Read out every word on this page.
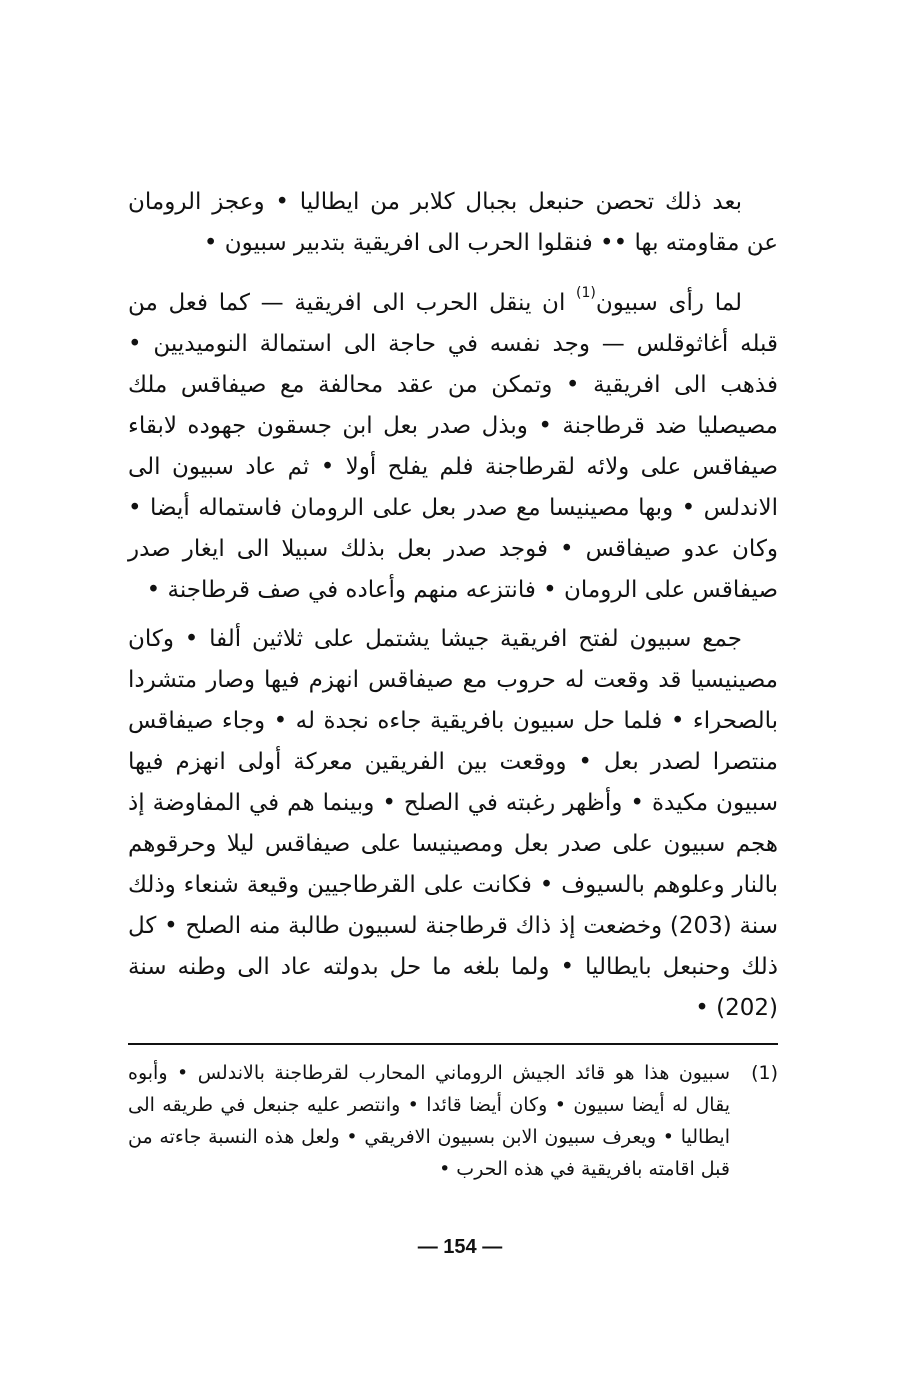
بعد ذلك تحصن حنبعل بجبال كلابر من ايطاليا • وعجز الرومان عن مقاومته بها •• فنقلوا الحرب الى افريقية بتدبير سبيون •

لما رأى سبيون$^{(1)}$ ان ينقل الحرب الى افريقية — كما فعل من قبله أغاثوقلس — وجد نفسه في حاجة الى استمالة النوميديين • فذهب الى افريقية • وتمكن من عقد محالفة مع صيفاقس ملك مصيصليا ضد قرطاجنة • وبذل صدر بعل ابن جسقون جهوده لابقاء صيفاقس على ولائه لقرطاجنة فلم يفلح أولا • ثم عاد سبيون الى الاندلس • وبها مصينيسا مع صدر بعل على الرومان فاستماله أيضا • وكان عدو صيفاقس • فوجد صدر بعل بذلك سبيلا الى ايغار صدر صيفاقس على الرومان • فانتزعه منهم وأعاده في صف قرطاجنة •

جمع سبيون لفتح افريقية جيشا يشتمل على ثلاثين ألفا • وكان مصينيسيا قد وقعت له حروب مع صيفاقس انهزم فيها وصار متشردا بالصحراء • فلما حل سبيون بافريقية جاءه نجدة له • وجاء صيفاقس منتصرا لصدر بعل • ووقعت بين الفريقين معركة أولى انهزم فيها سبيون مكيدة • وأظهر رغبته في الصلح • وبينما هم في المفاوضة إذ هجم سبيون على صدر بعل ومصينيسا على صيفاقس ليلا وحرقوهم بالنار وعلوهم بالسيوف • فكانت على القرطاجيين وقيعة شنعاء وذلك سنة (203) وخضعت إذ ذاك قرطاجنة لسبيون طالبة منه الصلح • كل ذلك وحنبعل بايطاليا • ولما بلغه ما حل بدولته عاد الى وطنه سنة (202) •

(1)

سبيون هذا هو قائد الجيش الروماني المحارب لقرطاجنة بالاندلس • وأبوه يقال له أيضا سبيون • وكان أيضا قائدا • وانتصر عليه جنبعل في طريقه الى ايطاليا • ويعرف سبيون الابن بسبيون الافريقي • ولعل هذه النسبة جاءته من قبل اقامته بافريقية في هذه الحرب •

— 154 —
